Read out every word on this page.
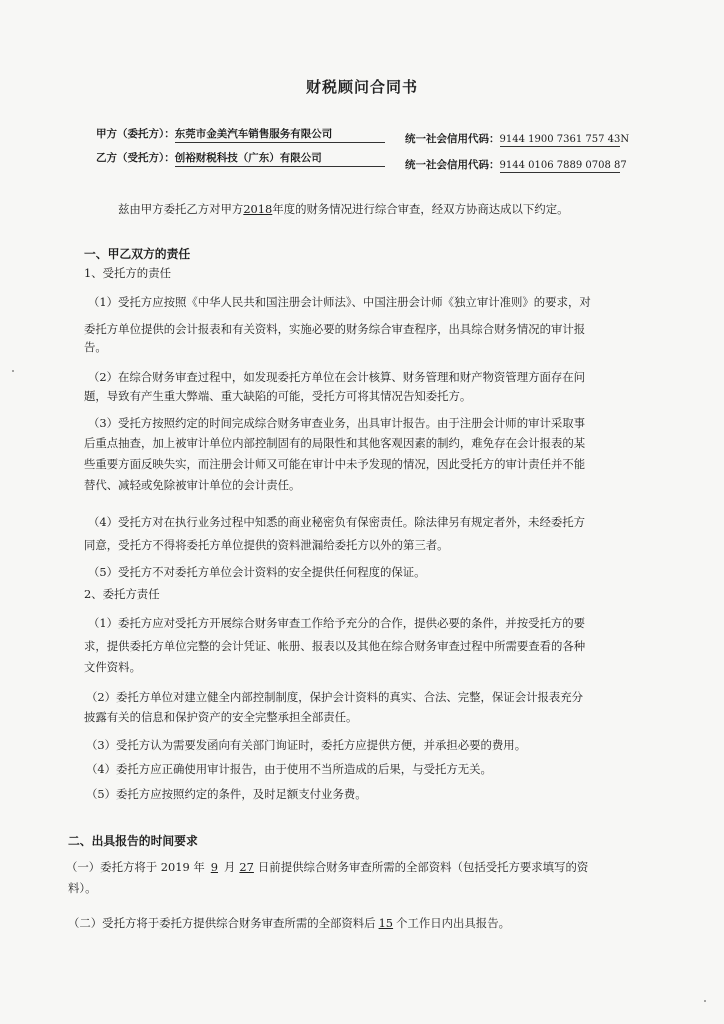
财税顾问合同书
甲方（委托方）：东莞市金美汽车销售服务有限公司	统一社会信用代码：9144 1900 7361 757 43N
乙方（受托方）：创裕财税科技（广东）有限公司
统一社会信用代码：9144 0106 7889 0708 87
兹由甲方委托乙方对甲方2018年度的财务情况进行综合审查，经双方协商达成以下约定。
一、甲乙双方的责任
1、受托方的责任
（1）受托方应按照《中华人民共和国注册会计师法》、中国注册会计师《独立审计准则》的要求，对
委托方单位提供的会计报表和有关资料，实施必要的财务综合审查程序，出具综合财务情况的审计报
告。
（2）在综合财务审查过程中，如发现委托方单位在会计核算、财务管理和财产物资管理方面存在问
题，导致有产生重大弊端、重大缺陷的可能，受托方可将其情况告知委托方。
（3）受托方按照约定的时间完成综合财务审查业务，出具审计报告。由于注册会计师的审计采取事
后重点抽查，加上被审计单位内部控制固有的局限性和其他客观因素的制约，难免存在会计报表的某
些重要方面反映失实，而注册会计师又可能在审计中未予发现的情况，因此受托方的审计责任并不能
替代、减轻或免除被审计单位的会计责任。
（4）受托方对在执行业务过程中知悉的商业秘密负有保密责任。除法律另有规定者外，未经委托方
同意，受托方不得将委托方单位提供的资料泄漏给委托方以外的第三者。
（5）受托方不对委托方单位会计资料的安全提供任何程度的保证。
2、委托方责任
（1）委托方应对受托方开展综合财务审查工作给予充分的合作，提供必要的条件，并按受托方的要
求，提供委托方单位完整的会计凭证、帐册、报表以及其他在综合财务审查过程中所需要查看的各种
文件资料。
（2）委托方单位对建立健全内部控制制度，保护会计资料的真实、合法、完整，保证会计报表充分
披露有关的信息和保护资产的安全完整承担全部责任。
（3）受托方认为需要发函向有关部门询证时，委托方应提供方便，并承担必要的费用。
（4）委托方应正确使用审计报告，由于使用不当所造成的后果，与受托方无关。
（5）委托方应按照约定的条件，及时足额支付业务费。
二、出具报告的时间要求
（一）委托方将于 2019 年 9 月 27 日前提供综合财务审查所需的全部资料（包括受托方要求填写的资
料）。
（二）受托方将于委托方提供综合财务审查所需的全部资料后 15 个工作日内出具报告。
